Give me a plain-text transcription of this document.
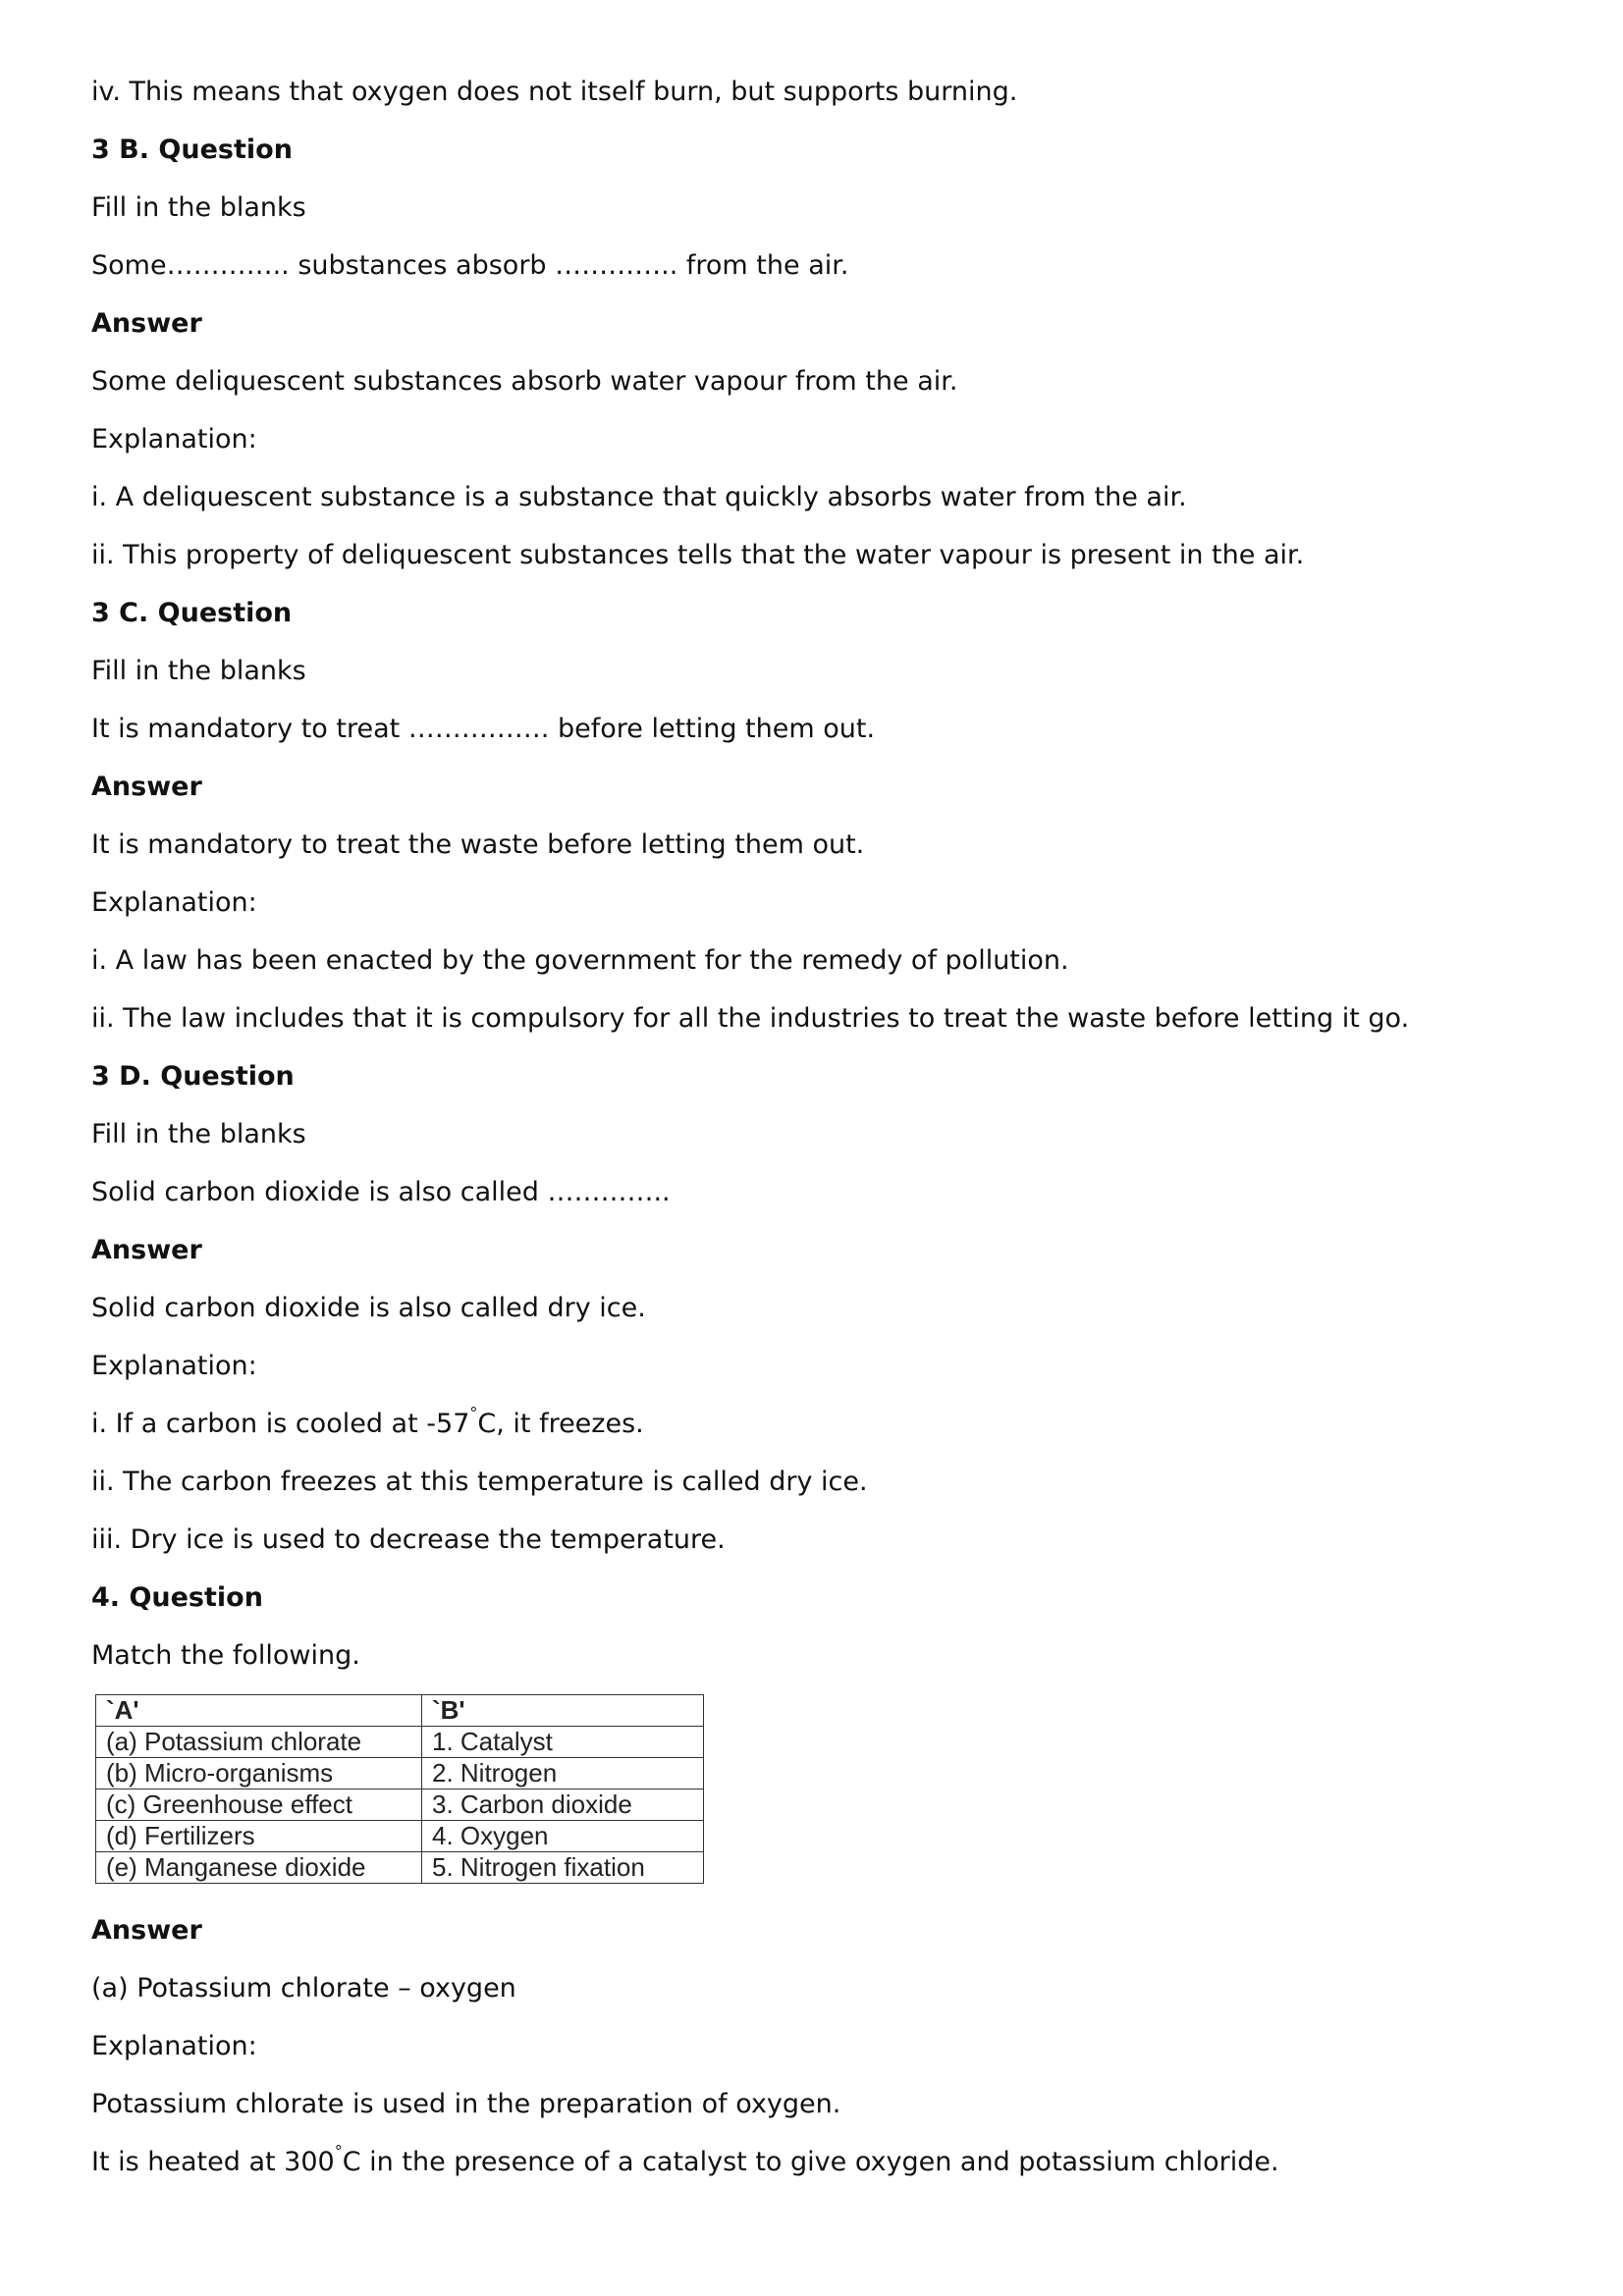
iv. This means that oxygen does not itself burn, but supports burning.
3 B. Question
Fill in the blanks
Some………….. substances absorb ………….. from the air.
Answer
Some deliquescent substances absorb water vapour from the air.
Explanation:
i. A deliquescent substance is a substance that quickly absorbs water from the air.
ii. This property of deliquescent substances tells that the water vapour is present in the air.
3 C. Question
Fill in the blanks
It is mandatory to treat ……………. before letting them out.
Answer
It is mandatory to treat the waste before letting them out.
Explanation:
i. A law has been enacted by the government for the remedy of pollution.
ii. The law includes that it is compulsory for all the industries to treat the waste before letting it go.
3 D. Question
Fill in the blanks
Solid carbon dioxide is also called …………..
Answer
Solid carbon dioxide is also called dry ice.
Explanation:
i. If a carbon is cooled at -57°C, it freezes.
ii. The carbon freezes at this temperature is called dry ice.
iii. Dry ice is used to decrease the temperature.
4. Question
Match the following.
`A'	`B'
(a) Potassium chlorate	1. Catalyst
(b) Micro-organisms	2. Nitrogen
(c) Greenhouse effect	3. Carbon dioxide
(d) Fertilizers	4. Oxygen
(e) Manganese dioxide	5. Nitrogen fixation
Answer
(a) Potassium chlorate – oxygen
Explanation:
Potassium chlorate is used in the preparation of oxygen.
It is heated at 300°C in the presence of a catalyst to give oxygen and potassium chloride.
